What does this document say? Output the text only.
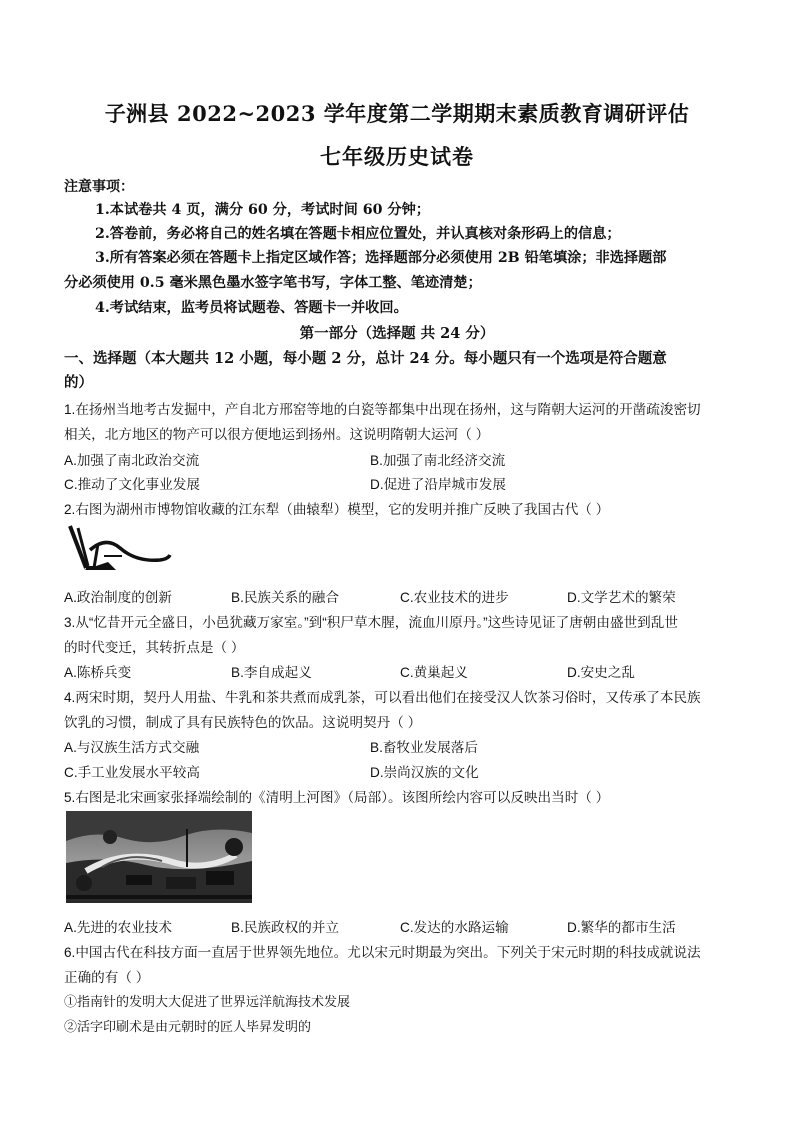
子洲县 2022~2023 学年度第二学期期末素质教育调研评估
七年级历史试卷
注意事项：
1.本试卷共 4 页，满分 60 分，考试时间 60 分钟；
2.答卷前，务必将自己的姓名填在答题卡相应位置处，并认真核对条形码上的信息；
3.所有答案必须在答题卡上指定区域作答；选择题部分必须使用 2B 铅笔填涂；非选择题部
分必须使用 0.5 毫米黑色墨水签字笔书写，字体工整、笔迹清楚；
4.考试结束，监考员将试题卷、答题卡一并收回。
第一部分（选择题 共 24 分）
一、选择题（本大题共 12 小题，每小题 2 分，总计 24 分。每小题只有一个选项是符合题意
的）
1.在扬州当地考古发掘中，产自北方邢窑等地的白瓷等都集中出现在扬州，这与隋朝大运河的开凿疏浚密切
相关，北方地区的物产可以很方便地运到扬州。这说明隋朝大运河（ ）
A.加强了南北政治交流	B.加强了南北经济交流
C.推动了文化事业发展	D.促进了沿岸城市发展
2.右图为湖州市博物馆收藏的江东犁（曲辕犁）模型，它的发明并推广反映了我国古代（ ）
A.政治制度的创新	B.民族关系的融合	C.农业技术的进步	D.文学艺术的繁荣
3.从“忆昔开元全盛日，小邑犹藏万家室。”到“积尸草木腥，流血川原丹。”这些诗见证了唐朝由盛世到乱世
的时代变迁，其转折点是（ ）
A.陈桥兵变	B.李自成起义	C.黄巢起义	D.安史之乱
4.两宋时期，契丹人用盐、牛乳和茶共煮而成乳茶，可以看出他们在接受汉人饮茶习俗时，又传承了本民族
饮乳的习惯，制成了具有民族特色的饮品。这说明契丹（ ）
A.与汉族生活方式交融	B.畜牧业发展落后
C.手工业发展水平较高	D.崇尚汉族的文化
5.右图是北宋画家张择端绘制的《清明上河图》（局部）。该图所绘内容可以反映出当时（ ）
A.先进的农业技术	B.民族政权的并立	C.发达的水路运输	D.繁华的都市生活
6.中国古代在科技方面一直居于世界领先地位。尤以宋元时期最为突出。下列关于宋元时期的科技成就说法
正确的有（ ）
①指南针的发明大大促进了世界远洋航海技术发展
②活字印刷术是由元朝时的匠人毕昇发明的
